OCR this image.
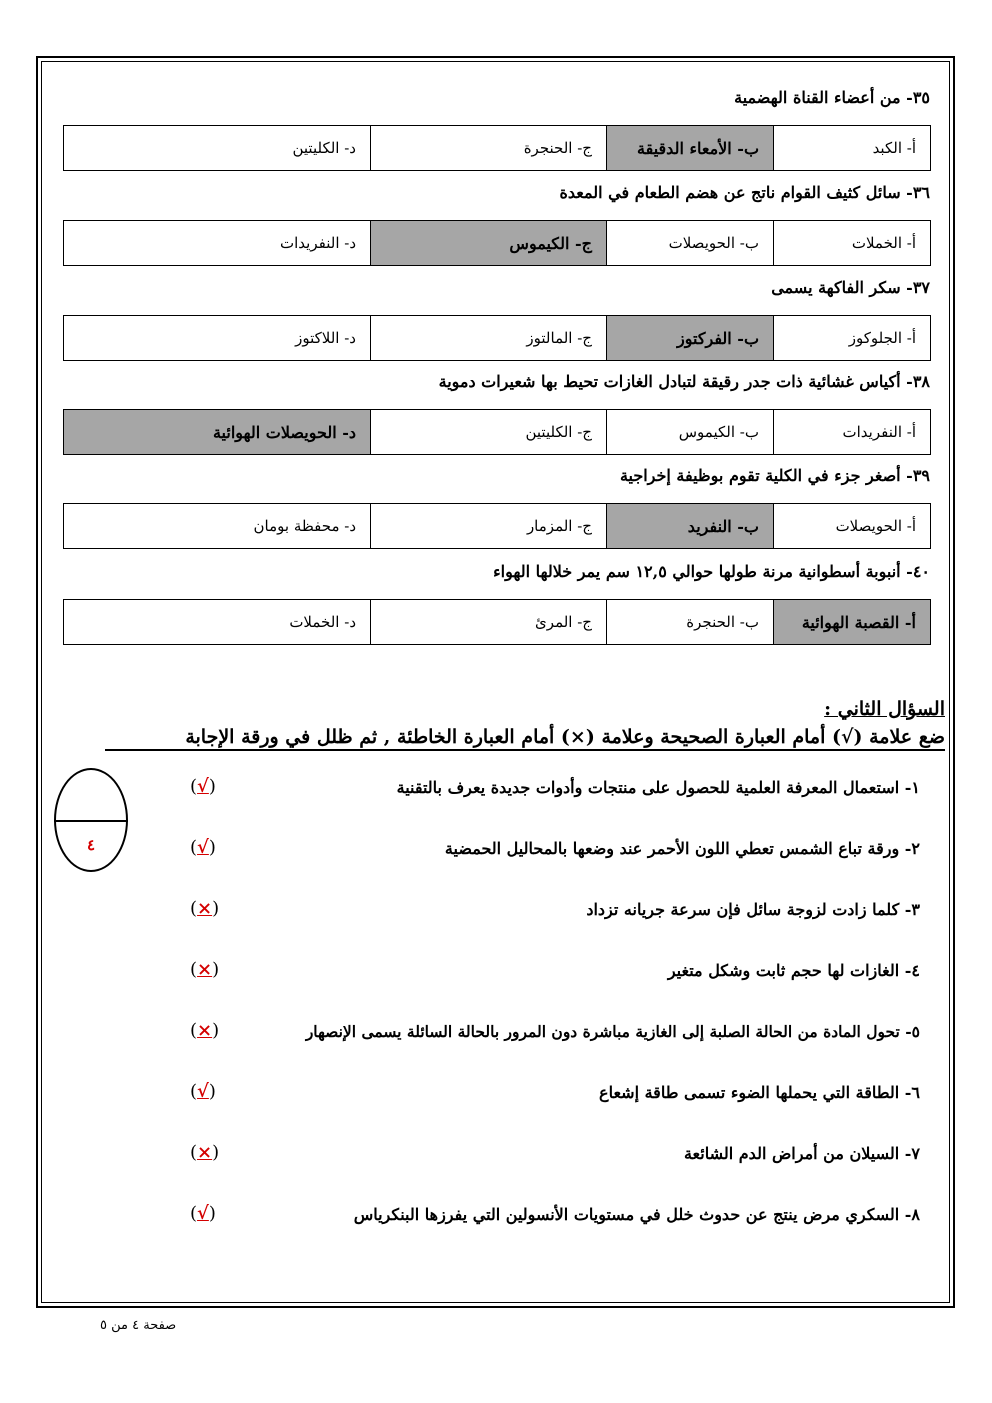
٣٥- من أعضاء القناة الهضمية
أ- الكبد	ب- الأمعاء الدقيقة	ج- الحنجرة	د- الكليتين
٣٦- سائل كثيف القوام ناتج عن هضم الطعام في المعدة
أ- الخملات	ب- الحويصلات	ج- الكيموس	د- النفريدات
٣٧- سكر الفاكهة يسمى
أ- الجلوكوز	ب- الفركتوز	ج- المالتوز	د- اللاكتوز
٣٨- أكياس غشائية ذات جدر رقيقة لتبادل الغازات تحيط بها شعيرات دموية
أ- النفريدات	ب- الكيموس	ج- الكليتين	د- الحويصلات الهوائية
٣٩- أصغر جزء في الكلية تقوم بوظيفة إخراجية
أ- الحويصلات	ب- النفريد	ج- المزمار	د- محفظة بومان
٤٠- أنبوبة أسطوانية مرنة طولها حوالي ١٢,٥ سم يمر خلالها الهواء
أ- القصبة الهوائية	ب- الحنجرة	ج- المرئ	د- الخملات
السؤال الثاني :
ضع علامة (√) أمام العبارة الصحيحة وعلامة (×) أمام العبارة الخاطئة , ثم ظلل في ورقة الإجابة
١- استعمال المعرفة العلمية للحصول على منتجات وأدوات جديدة يعرف بالتقنية
(√)
٢- ورقة تباع الشمس تعطي اللون الأحمر عند وضعها بالمحاليل الحمضية
(√)
٣- كلما زادت لزوجة سائل فإن سرعة جريانه تزداد
(×)
٤- الغازات لها حجم ثابت وشكل متغير
(×)
٥- تحول المادة من الحالة الصلبة إلى الغازية مباشرة دون المرور بالحالة السائلة يسمى الإنصهار
(×)
٦- الطاقة التي يحملها الضوء تسمى طاقة إشعاع
(√)
٧- السيلان من أمراض الدم الشائعة
(×)
٨- السكري مرض ينتج عن حدوث خلل في مستويات الأنسولين التي يفرزها البنكرياس
(√)
٤
صفحة ٤ من ٥
